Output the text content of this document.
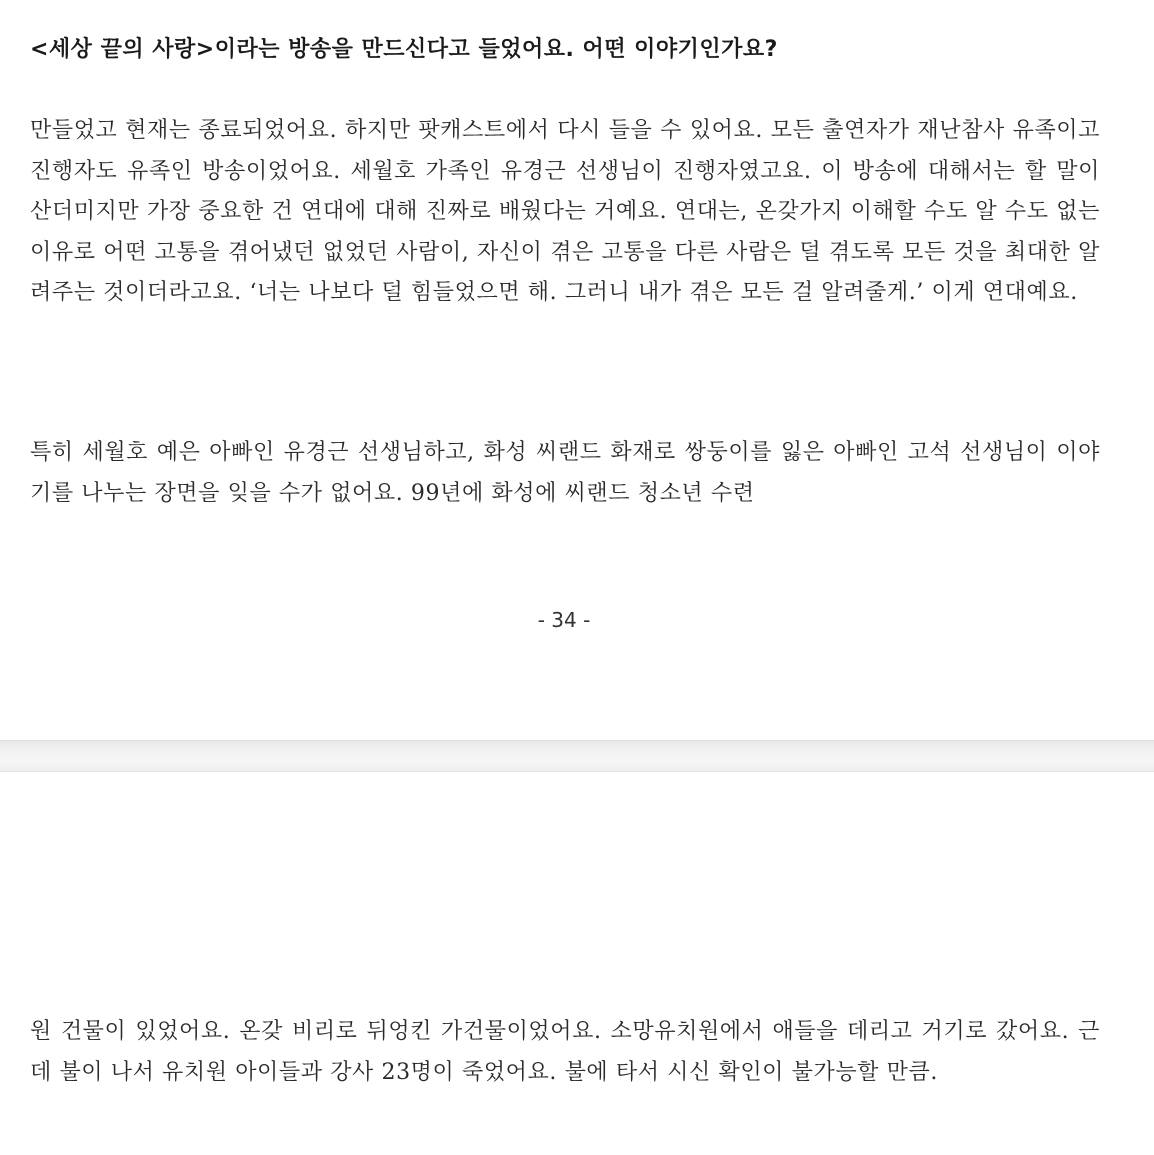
<세상 끝의 사랑>이라는 방송을 만드신다고 들었어요. 어떤 이야기인가요?

만들었고 현재는 종료되었어요. 하지만 팟캐스트에서 다시 들을 수 있어요. 모든 출연자가 재난참사 유족이고 진행자도 유족인 방송이었어요. 세월호 가족인 유경근 선생님이 진행자였고요. 이 방송에 대해서는 할 말이 산더미지만 가장 중요한 건 연대에 대해 진짜로 배웠다는 거예요. 연대는, 온갖가지 이해할 수도 알 수도 없는 이유로 어떤 고통을 겪어냈던 없었던 사람이, 자신이 겪은 고통을 다른 사람은 덜 겪도록 모든 것을 최대한 알려주는 것이더라고요. ‘너는 나보다 덜 힘들었으면 해. 그러니 내가 겪은 모든 걸 알려줄게.’ 이게 연대예요.

특히 세월호 예은 아빠인 유경근 선생님하고, 화성 씨랜드 화재로 쌍둥이를 잃은 아빠인 고석 선생님이 이야기를 나누는 장면을 잊을 수가 없어요. 99년에 화성에 씨랜드 청소년 수련

- 34 -

원 건물이 있었어요. 온갖 비리로 뒤엉킨 가건물이었어요. 소망유치원에서 애들을 데리고 거기로 갔어요. 근데 불이 나서 유치원 아이들과 강사 23명이 죽었어요. 불에 타서 시신 확인이 불가능할 만큼.
